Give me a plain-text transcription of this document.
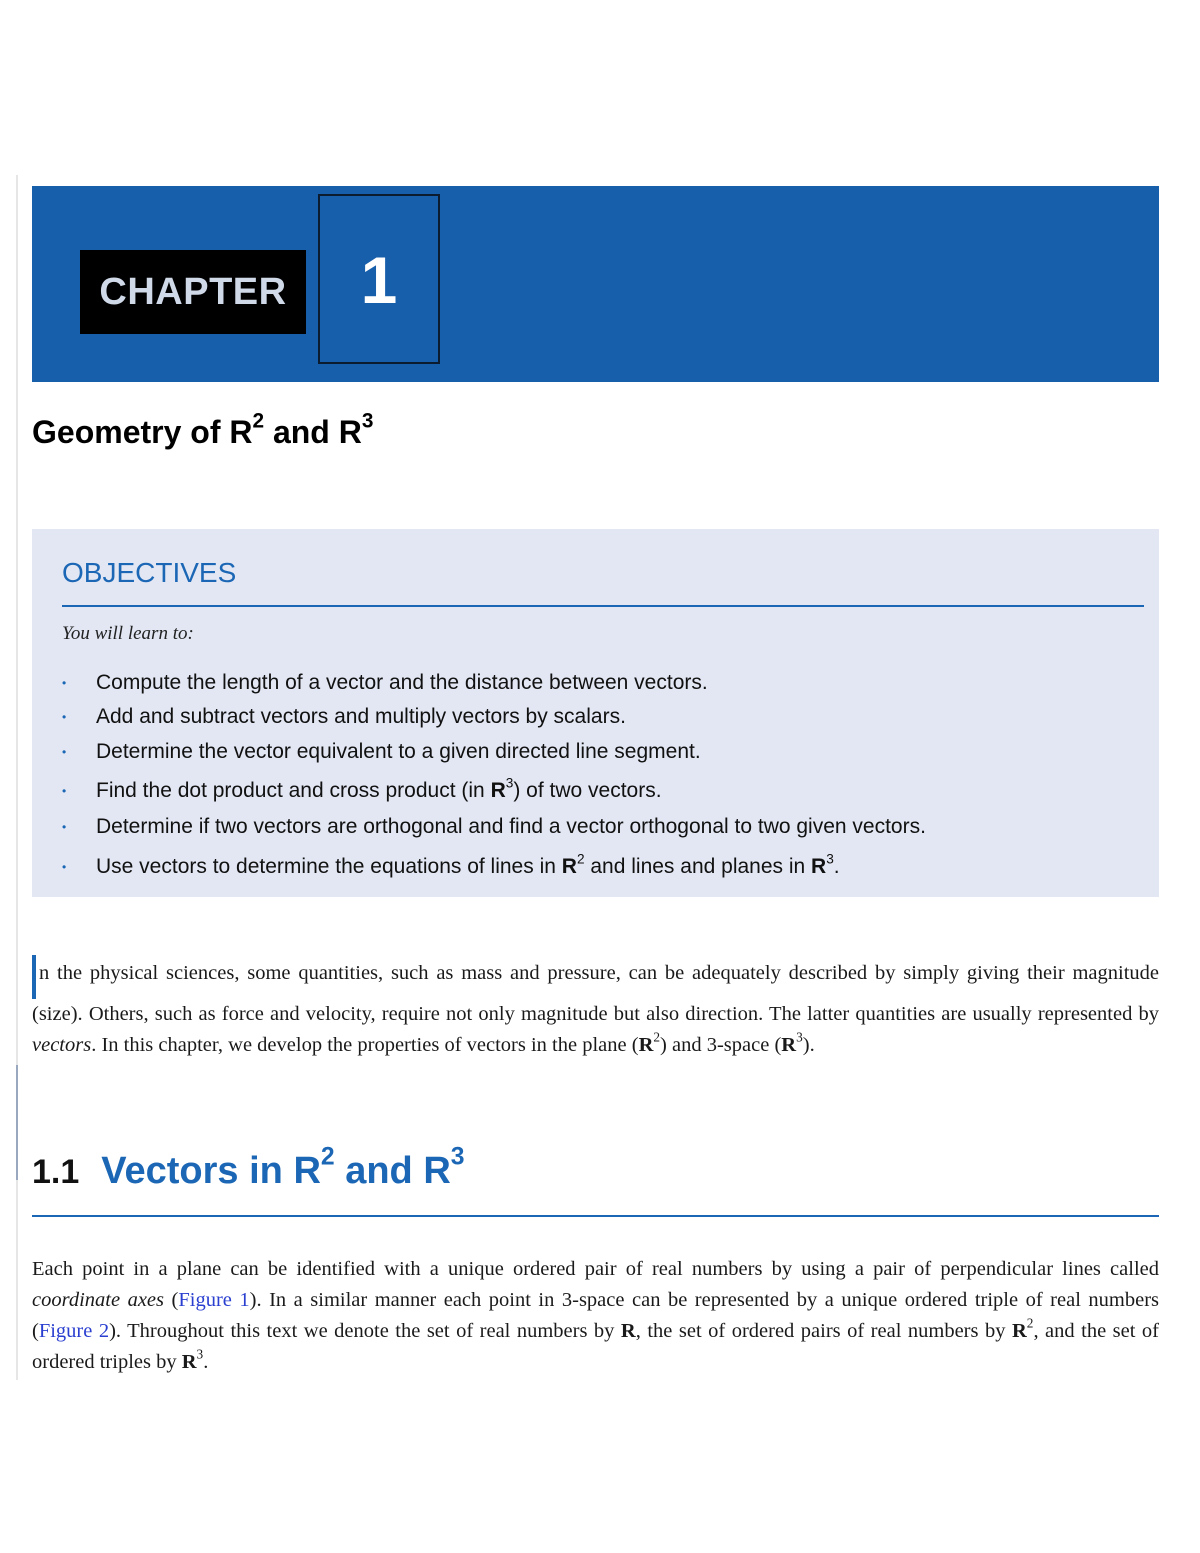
CHAPTER	1
Geometry of $R^2$ and $R^3$
OBJECTIVES
You will learn to:
• Compute the length of a vector and the distance between vectors.
• Add and subtract vectors and multiply vectors by scalars.
• Determine the vector equivalent to a given directed line segment.
• Find the dot product and cross product (in $R^3$) of two vectors.
• Determine if two vectors are orthogonal and find a vector orthogonal to two given vectors.
• Use vectors to determine the equations of lines in $R^2$ and lines and planes in $R^3$.

n the physical sciences, some quantities, such as mass and pressure, can be adequately described by simply giving their magnitude (size). Others, such as force and velocity, require not only magnitude but also direction. The latter quantities are usually represented by vectors. In this chapter, we develop the properties of vectors in the plane $(R^2)$ and 3-space $(R^3)$.

1.1 Vectors in $R^2$ and $R^3$

Each point in a plane can be identified with a unique ordered pair of real numbers by using a pair of perpendicular lines called coordinate axes (Figure 1). In a similar manner each point in 3-space can be represented by a unique ordered triple of real numbers (Figure 2). Throughout this text we denote the set of real numbers by R, the set of ordered pairs of real numbers by $R^2$, and the set of ordered triples by $R^3$.
